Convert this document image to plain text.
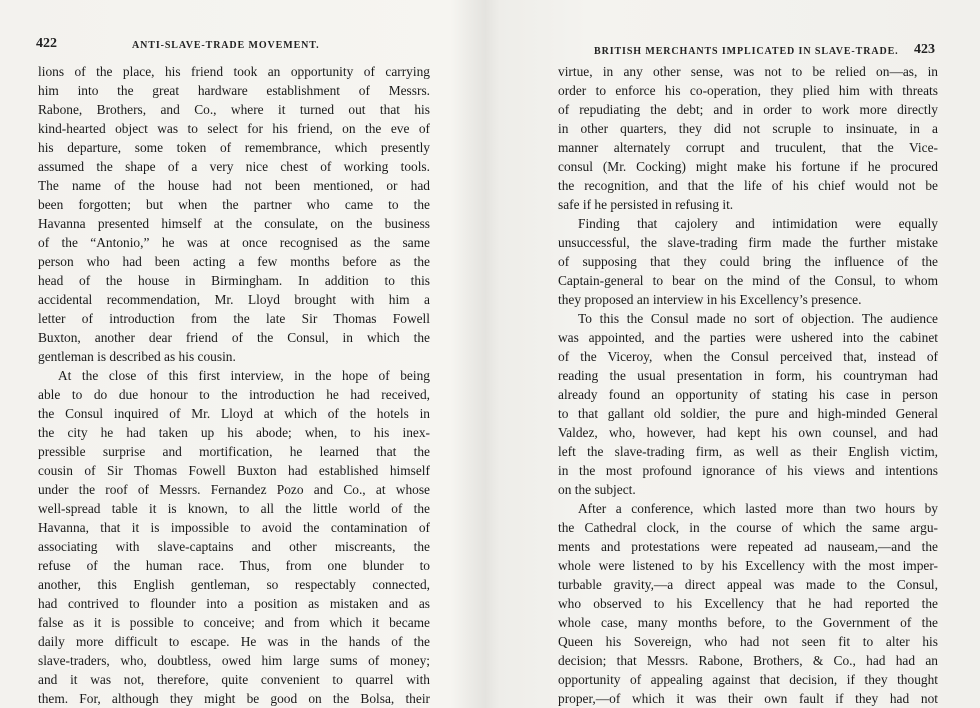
422	ANTI-SLAVE-TRADE MOVEMENT.
lions of the place, his friend took an opportunity of carrying
him into the great hardware establishment of Messrs.
Rabone, Brothers, and Co., where it turned out that his
kind-hearted object was to select for his friend, on the eve of
his departure, some token of remembrance, which presently
assumed the shape of a very nice chest of working tools.
The name of the house had not been mentioned, or had
been forgotten; but when the partner who came to the
Havanna presented himself at the consulate, on the business
of the “Antonio,” he was at once recognised as the same
person who had been acting a few months before as the
head of the house in Birmingham. In addition to this
accidental recommendation, Mr. Lloyd brought with him a
letter of introduction from the late Sir Thomas Fowell
Buxton, another dear friend of the Consul, in which the
gentleman is described as his cousin.
At the close of this first interview, in the hope of being
able to do due honour to the introduction he had received,
the Consul inquired of Mr. Lloyd at which of the hotels in
the city he had taken up his abode; when, to his inex-
pressible surprise and mortification, he learned that the
cousin of Sir Thomas Fowell Buxton had established himself
under the roof of Messrs. Fernandez Pozo and Co., at whose
well-spread table it is known, to all the little world of the
Havanna, that it is impossible to avoid the contamination of
associating with slave-captains and other miscreants, the
refuse of the human race. Thus, from one blunder to
another, this English gentleman, so respectably connected,
had contrived to flounder into a position as mistaken and as
false as it is possible to conceive; and from which it became
daily more difficult to escape. He was in the hands of the
slave-traders, who, doubtless, owed him large sums of money;
and it was not, therefore, quite convenient to quarrel with
them. For, although they might be good on the Bolsa, their
BRITISH MERCHANTS IMPLICATED IN SLAVE-TRADE. 423
virtue, in any other sense, was not to be relied on—as, in
order to enforce his co-operation, they plied him with threats
of repudiating the debt; and in order to work more directly
in other quarters, they did not scruple to insinuate, in a
manner alternately corrupt and truculent, that the Vice-
consul (Mr. Cocking) might make his fortune if he procured
the recognition, and that the life of his chief would not be
safe if he persisted in refusing it.
Finding that cajolery and intimidation were equally
unsuccessful, the slave-trading firm made the further mistake
of supposing that they could bring the influence of the
Captain-general to bear on the mind of the Consul, to whom
they proposed an interview in his Excellency’s presence.
To this the Consul made no sort of objection. The audience
was appointed, and the parties were ushered into the cabinet
of the Viceroy, when the Consul perceived that, instead of
reading the usual presentation in form, his countryman had
already found an opportunity of stating his case in person
to that gallant old soldier, the pure and high-minded General
Valdez, who, however, had kept his own counsel, and had
left the slave-trading firm, as well as their English victim,
in the most profound ignorance of his views and intentions
on the subject.
After a conference, which lasted more than two hours by
the Cathedral clock, in the course of which the same argu-
ments and protestations were repeated ad nauseam,—and the
whole were listened to by his Excellency with the most imper-
turbable gravity,—a direct appeal was made to the Consul,
who observed to his Excellency that he had reported the
whole case, many months before, to the Government of the
Queen his Sovereign, who had not seen fit to alter his
decision; that Messrs. Rabone, Brothers, & Co., had had an
opportunity of appealing against that decision, if they thought
proper,—of which it was their own fault if they had not
